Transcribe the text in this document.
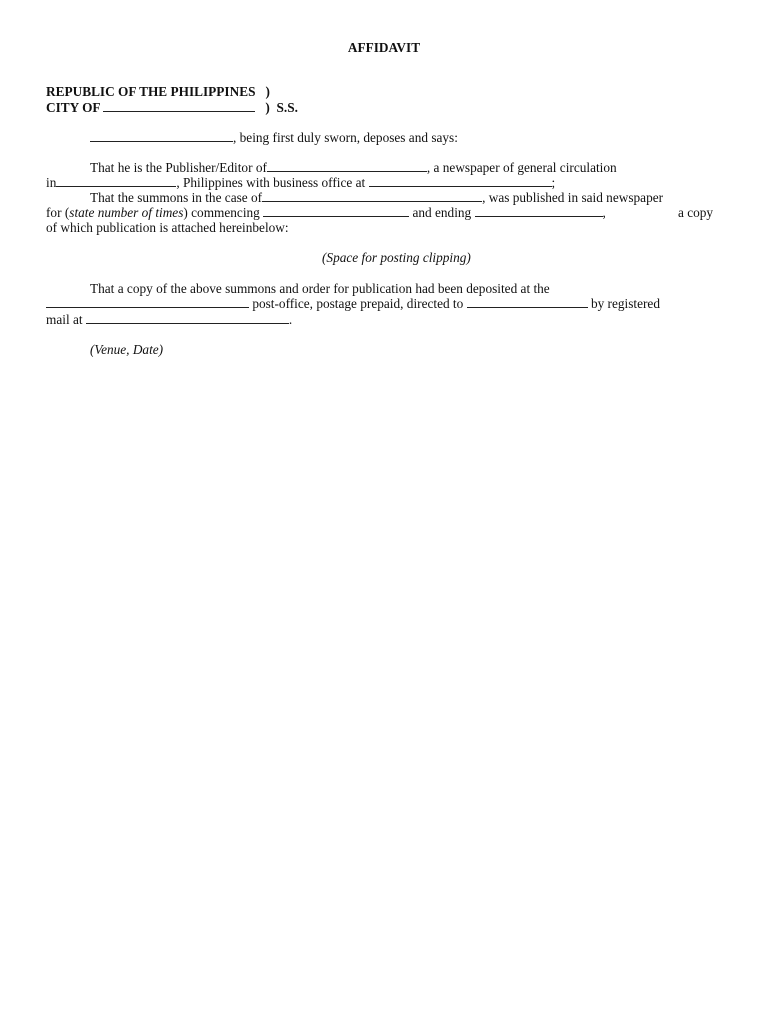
AFFIDAVIT
REPUBLIC OF THE PHILIPPINES )
CITY OF	) S.S.
, being first duly sworn, deposes and says:
That he is the Publisher/Editor of	, a newspaper of general circulation
in	, Philippines with business office at	;
That the summons in the case of	, was published in said newspaper
for (state number of times) commencing	and ending	,	a copy
of which publication is attached hereinbelow:
(Space for posting clipping)
That a copy of the above summons and order for publication had been deposited at the
post-office, postage prepaid, directed to	by registered
mail at	.
(Venue, Date)
